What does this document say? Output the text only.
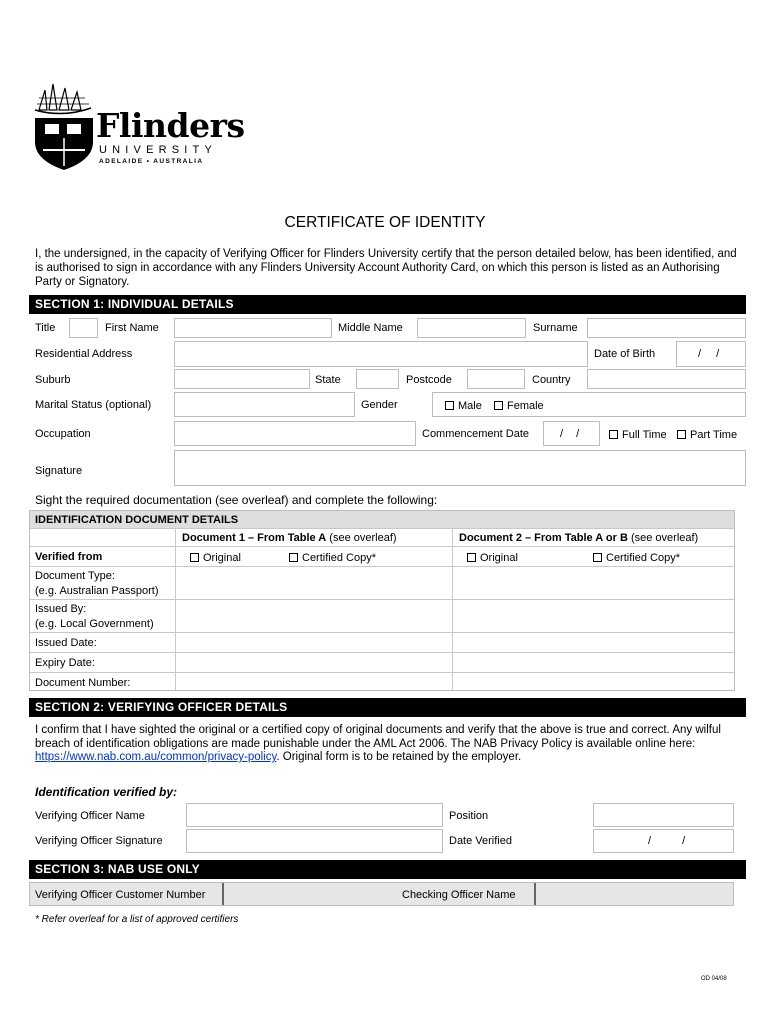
Flinders
UNIVERSITY
ADELAIDE • AUSTRALIA
CERTIFICATE OF IDENTITY
I, the undersigned, in the capacity of Verifying Officer for Flinders University certify that the person detailed below, has been identified, and is authorised to sign in accordance with any Flinders University Account Authority Card, on which this person is listed as an Authorising Party or Signatory.
SECTION 1: INDIVIDUAL DETAILS
Title	First Name	Middle Name	Surname
Residential Address	Date of Birth	/ /
Suburb	State	Postcode	Country
Marital Status (optional)	Gender	Male	Female
Occupation	Commencement Date	/ /	Full Time	Part Time
Signature
Sight the required documentation (see overleaf) and complete the following:
IDENTIFICATION DOCUMENT DETAILS
Document 1 – From Table A (see overleaf)	Document 2 – From Table A or B (see overleaf)
Verified from	Original	Certified Copy*	Original	Certified Copy*
Document Type:
(e.g. Australian Passport)
Issued By:
(e.g. Local Government)
Issued Date:
Expiry Date:
Document Number:
SECTION 2: VERIFYING OFFICER DETAILS
I confirm that I have sighted the original or a certified copy of original documents and verify that the above is true and correct. Any wilful breach of identification obligations are made punishable under the AML Act 2006. The NAB Privacy Policy is available online here: https://www.nab.com.au/common/privacy-policy. Original form is to be retained by the employer.
Identification verified by:
Verifying Officer Name	Position
Verifying Officer Signature	Date Verified	/ /
SECTION 3: NAB USE ONLY
Verifying Officer Customer Number	Checking Officer Name
* Refer overleaf for a list of approved certifiers
OD 04/08
